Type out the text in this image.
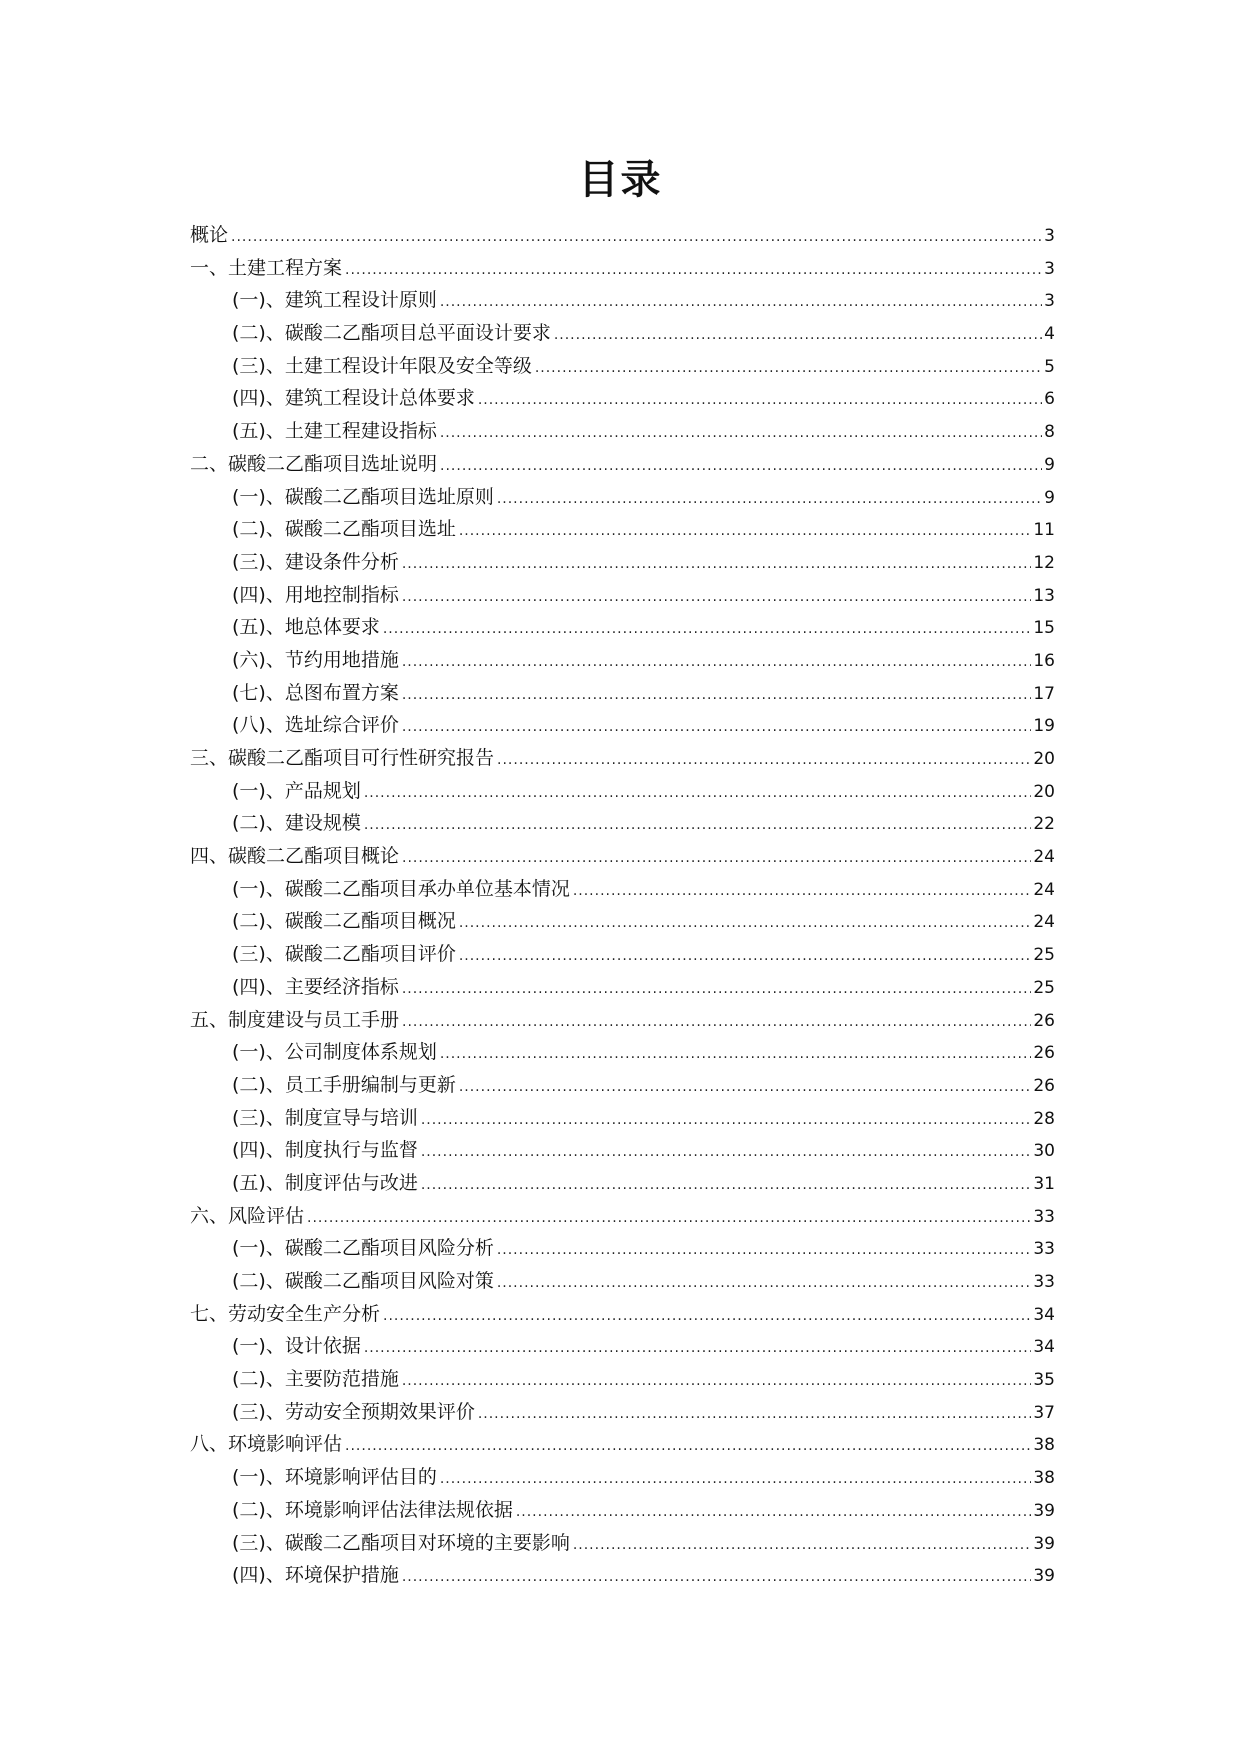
目录
概论 .....	3
一、土建工程方案 .....	3
(一)、建筑工程设计原则 .....	3
(二)、碳酸二乙酯项目总平面设计要求 .....	4
(三)、土建工程设计年限及安全等级 .....	5
(四)、建筑工程设计总体要求 .....	6
(五)、土建工程建设指标 .....	8
二、碳酸二乙酯项目选址说明 .....	9
(一)、碳酸二乙酯项目选址原则 .....	9
(二)、碳酸二乙酯项目选址 .....	11
(三)、建设条件分析 .....	12
(四)、用地控制指标 .....	13
(五)、地总体要求 .....	15
(六)、节约用地措施 .....	16
(七)、总图布置方案 .....	17
(八)、选址综合评价 .....	19
三、碳酸二乙酯项目可行性研究报告 .....	20
(一)、产品规划 .....	20
(二)、建设规模 .....	22
四、碳酸二乙酯项目概论 .....	24
(一)、碳酸二乙酯项目承办单位基本情况 .....	24
(二)、碳酸二乙酯项目概况 .....	24
(三)、碳酸二乙酯项目评价 .....	25
(四)、主要经济指标 .....	25
五、制度建设与员工手册 .....	26
(一)、公司制度体系规划 .....	26
(二)、员工手册编制与更新 .....	26
(三)、制度宣导与培训 .....	28
(四)、制度执行与监督 .....	30
(五)、制度评估与改进 .....	31
六、风险评估 .....	33
(一)、碳酸二乙酯项目风险分析 .....	33
(二)、碳酸二乙酯项目风险对策 .....	33
七、劳动安全生产分析 .....	34
(一)、设计依据 .....	34
(二)、主要防范措施 .....	35
(三)、劳动安全预期效果评价 .....	37
八、环境影响评估 .....	38
(一)、环境影响评估目的 .....	38
(二)、环境影响评估法律法规依据 .....	39
(三)、碳酸二乙酯项目对环境的主要影响 .....	39
(四)、环境保护措施 .....	39
